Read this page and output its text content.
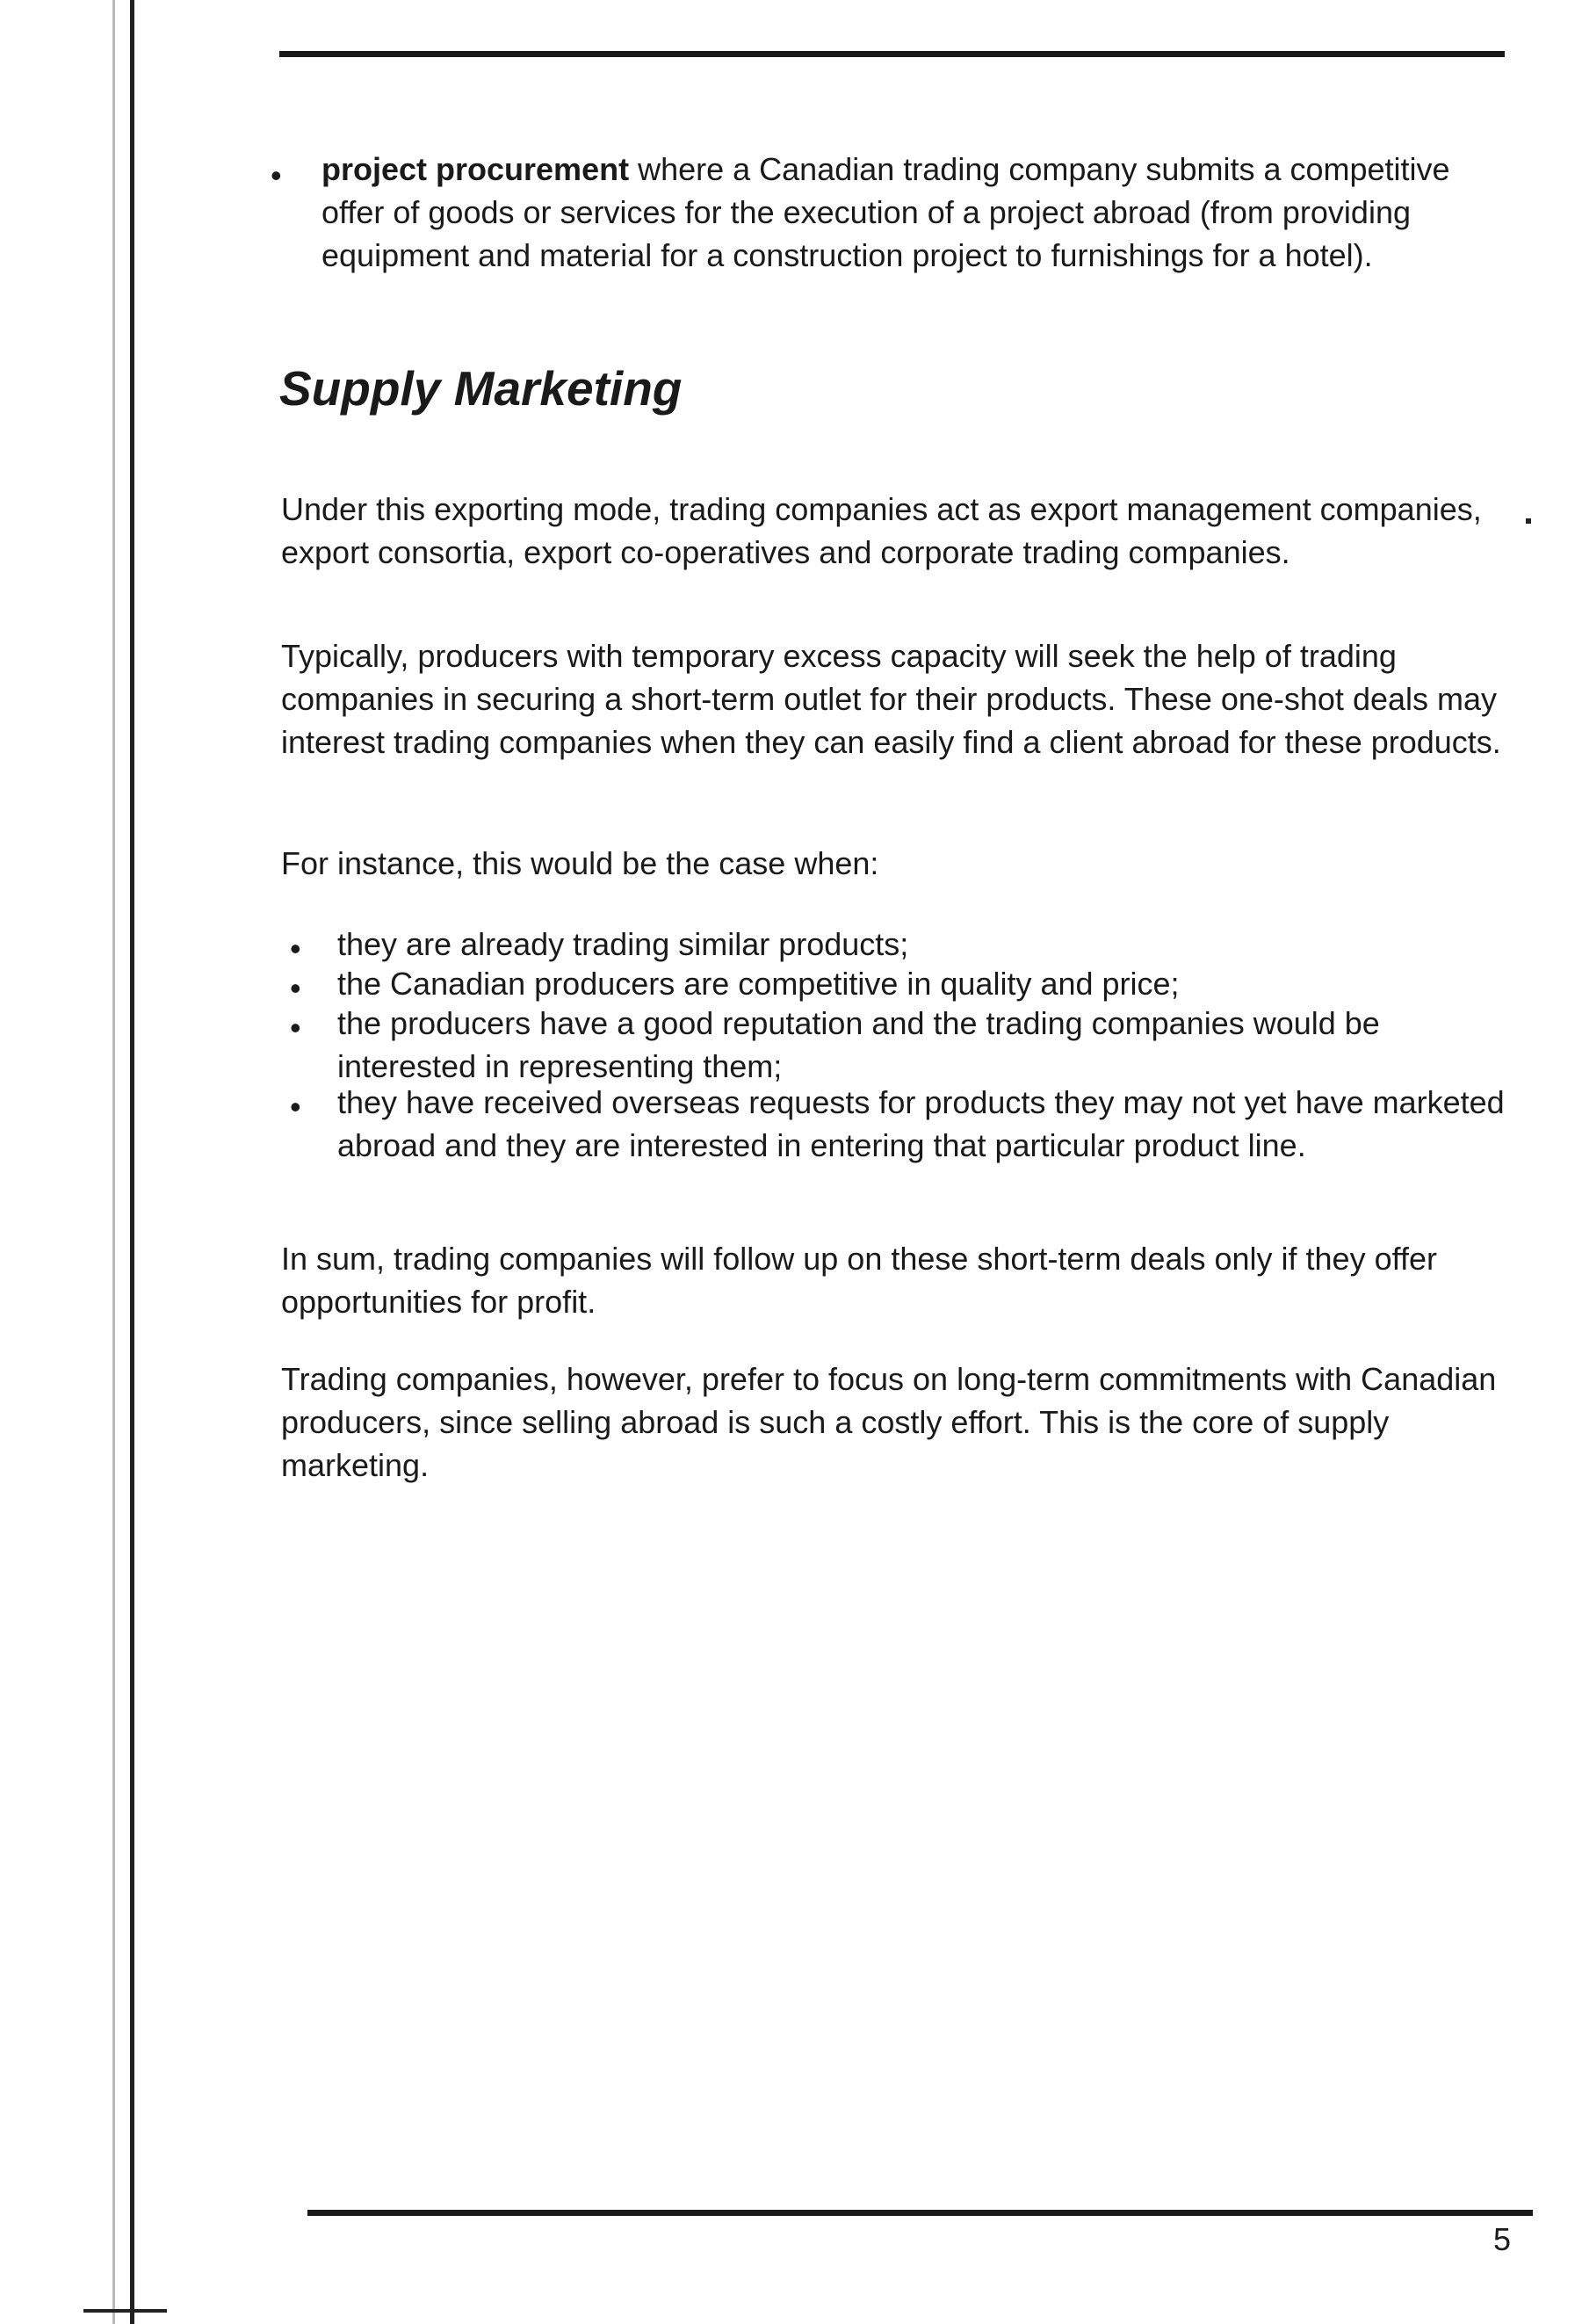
• project procurement where a Canadian trading company submits a competitive offer of goods or services for the execution of a project abroad (from providing equipment and material for a construction project to furnishings for a hotel).

Supply Marketing

Under this exporting mode, trading companies act as export management companies, export consortia, export co-operatives and corporate trading companies.

Typically, producers with temporary excess capacity will seek the help of trading companies in securing a short-term outlet for their products. These one-shot deals may interest trading companies when they can easily find a client abroad for these products.

For instance, this would be the case when:

• they are already trading similar products;

• the Canadian producers are competitive in quality and price;

• the producers have a good reputation and the trading companies would be interested in representing them;

• they have received overseas requests for products they may not yet have marketed abroad and they are interested in entering that particular product line.

In sum, trading companies will follow up on these short-term deals only if they offer opportunities for profit.

Trading companies, however, prefer to focus on long-term commitments with Canadian producers, since selling abroad is such a costly effort. This is the core of supply marketing.

5
